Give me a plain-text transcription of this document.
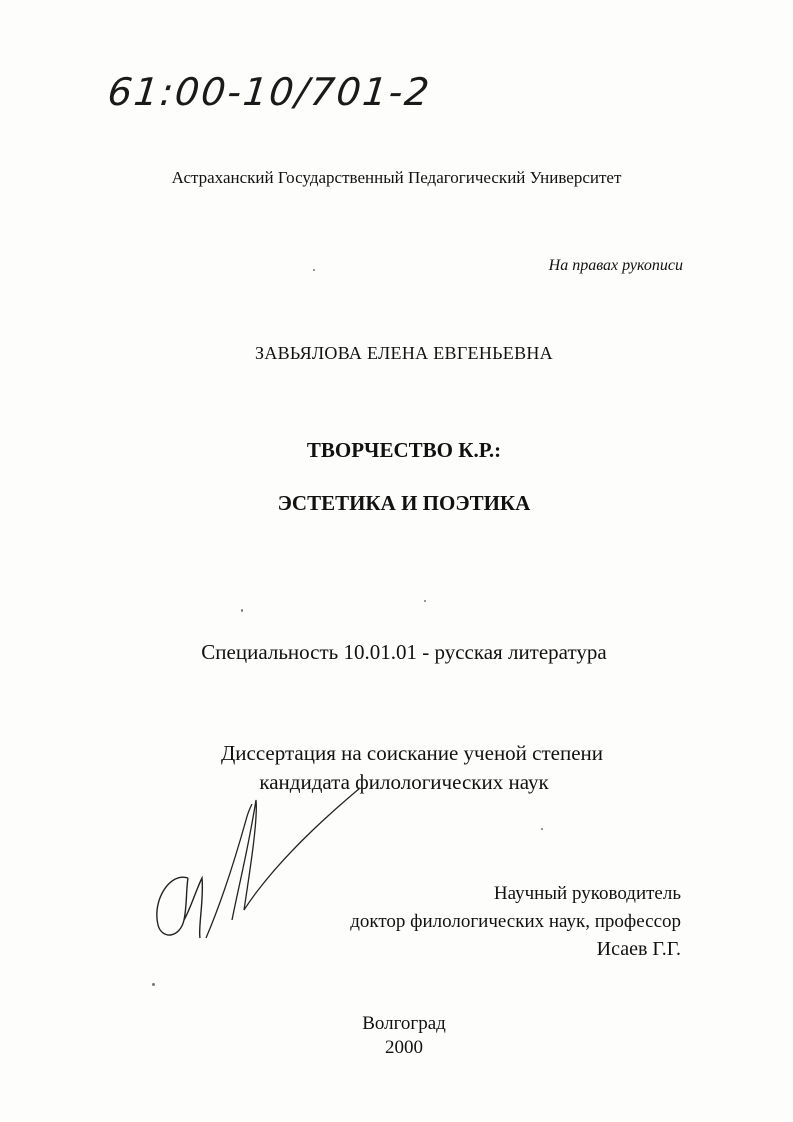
61:00-10/701-2
Астраханский Государственный Педагогический Университет
На правах рукописи
ЗАВЬЯЛОВА ЕЛЕНА ЕВГЕНЬЕВНА
ТВОРЧЕСТВО К.Р.:
ЭСТЕТИКА И ПОЭТИКА
Специальность 10.01.01 - русская литература
Диссертация на соискание ученой степени
кандидата филологических наук
Научный руководитель
доктор филологических наук, профессор
Исаев Г.Г.
Волгоград
2000
